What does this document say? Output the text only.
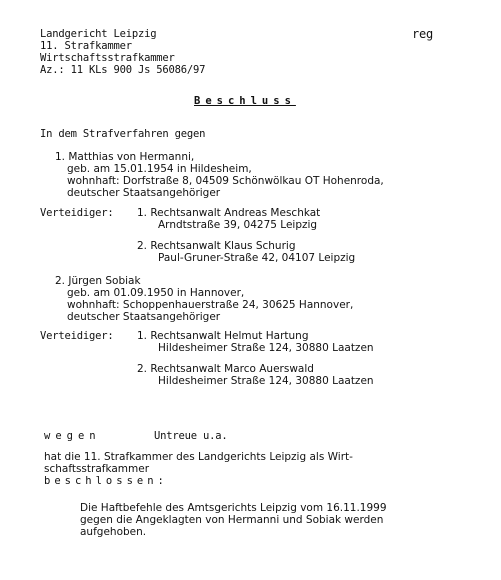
Landgericht Leipzig
11. Strafkammer
Wirtschaftsstrafkammer
Az.: 11 KLs 900 Js 56086/97
reg
Beschluss
In dem Strafverfahren gegen
1. Matthias von Hermanni,
geb. am 15.01.1954 in Hildesheim,
wohnhaft: Dorfstraße 8, 04509 Schönwölkau OT Hohenroda,
deutscher Staatsangehöriger
Verteidiger: 1. Rechtsanwalt Andreas Meschkat
Arndtstraße 39, 04275 Leipzig
2. Rechtsanwalt Klaus Schurig
Paul-Gruner-Straße 42, 04107 Leipzig
2. Jürgen Sobiak
geb. am 01.09.1950 in Hannover,
wohnhaft: Schoppenhauerstraße 24, 30625 Hannover,
deutscher Staatsangehöriger
Verteidiger: 1. Rechtsanwalt Helmut Hartung
Hildesheimer Straße 124, 30880 Laatzen
2. Rechtsanwalt Marco Auerswald
Hildesheimer Straße 124, 30880 Laatzen
wegen	Untreue u.a.
hat die 11. Strafkammer des Landgerichts Leipzig als Wirt-
schaftsstrafkammer
beschlossen:
Die Haftbefehle des Amtsgerichts Leipzig vom 16.11.1999
gegen die Angeklagten von Hermanni und Sobiak werden
aufgehoben.
